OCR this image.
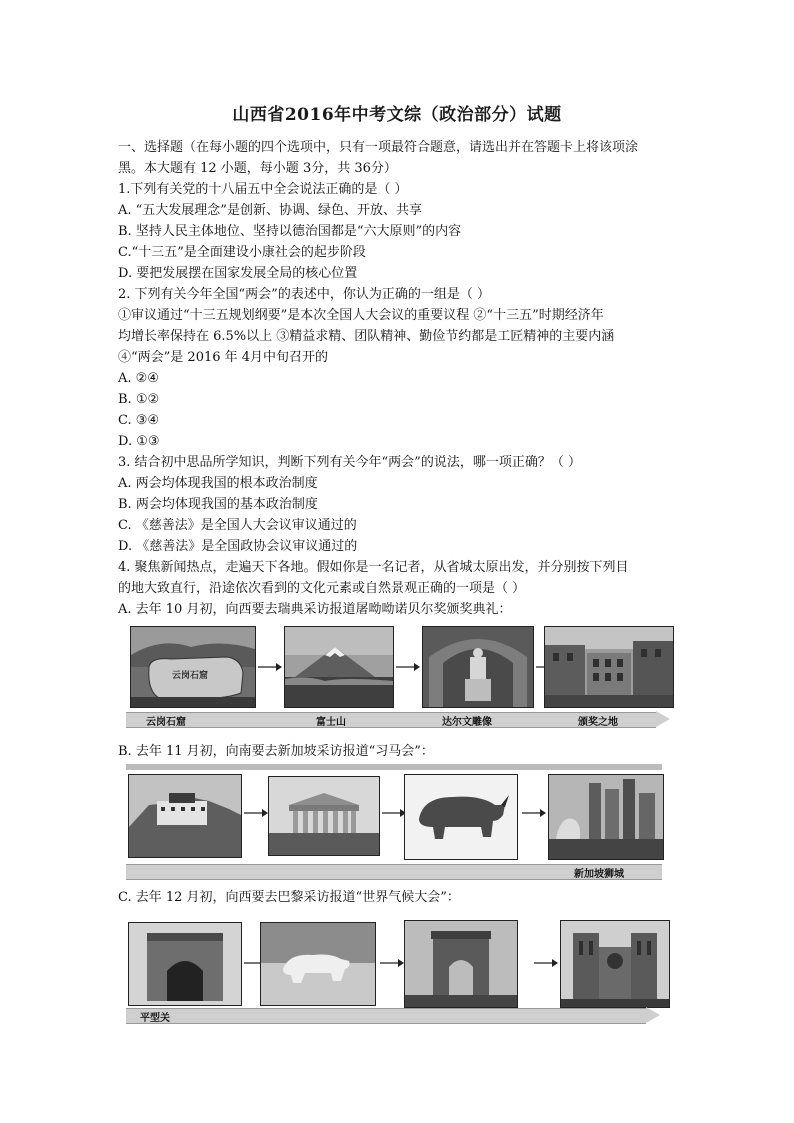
山西省2016年中考文综（政治部分）试题
一、选择题（在每小题的四个选项中，只有一项最符合题意，请选出并在答题卡上将该项涂
黑。本大题有 12 小题，每小题 3分，共 36分）
1.下列有关党的十八届五中全会说法正确的是（ ）
A. “五大发展理念”是创新、协调、绿色、开放、共享
B. 坚持人民主体地位、坚持以德治国都是“六大原则”的内容
C.“十三五”是全面建设小康社会的起步阶段
D. 要把发展摆在国家发展全局的核心位置
2. 下列有关今年全国“两会”的表述中，你认为正确的一组是（ ）
①审议通过“十三五规划纲要”是本次全国人大会议的重要议程 ②“十三五”时期经济年
均增长率保持在 6.5%以上 ③精益求精、团队精神、勤俭节约都是工匠精神的主要内涵
④“两会”是 2016 年 4月中旬召开的
A. ②④
B. ①②
C. ③④
D. ①③
3. 结合初中思品所学知识，判断下列有关今年“两会”的说法，哪一项正确？（ ）
A. 两会均体现我国的根本政治制度
B. 两会均体现我国的基本政治制度
C. 《慈善法》是全国人大会议审议通过的
D. 《慈善法》是全国政协会议审议通过的
4. 聚焦新闻热点，走遍天下各地。假如你是一名记者，从省城太原出发，并分别按下列目
的地大致直行，沿途依次看到的文化元素或自然景观正确的一项是（ ）
A. 去年 10 月初，向西要去瑞典采访报道屠呦呦诺贝尔奖颁奖典礼：
云岗石窟
云岗石窟	富士山	达尔文雕像	颁奖之地
B. 去年 11 月初，向南要去新加坡采访报道“习马会”：
新加坡狮城
C. 去年 12 月初，向西要去巴黎采访报道“世界气候大会”：
平型关
